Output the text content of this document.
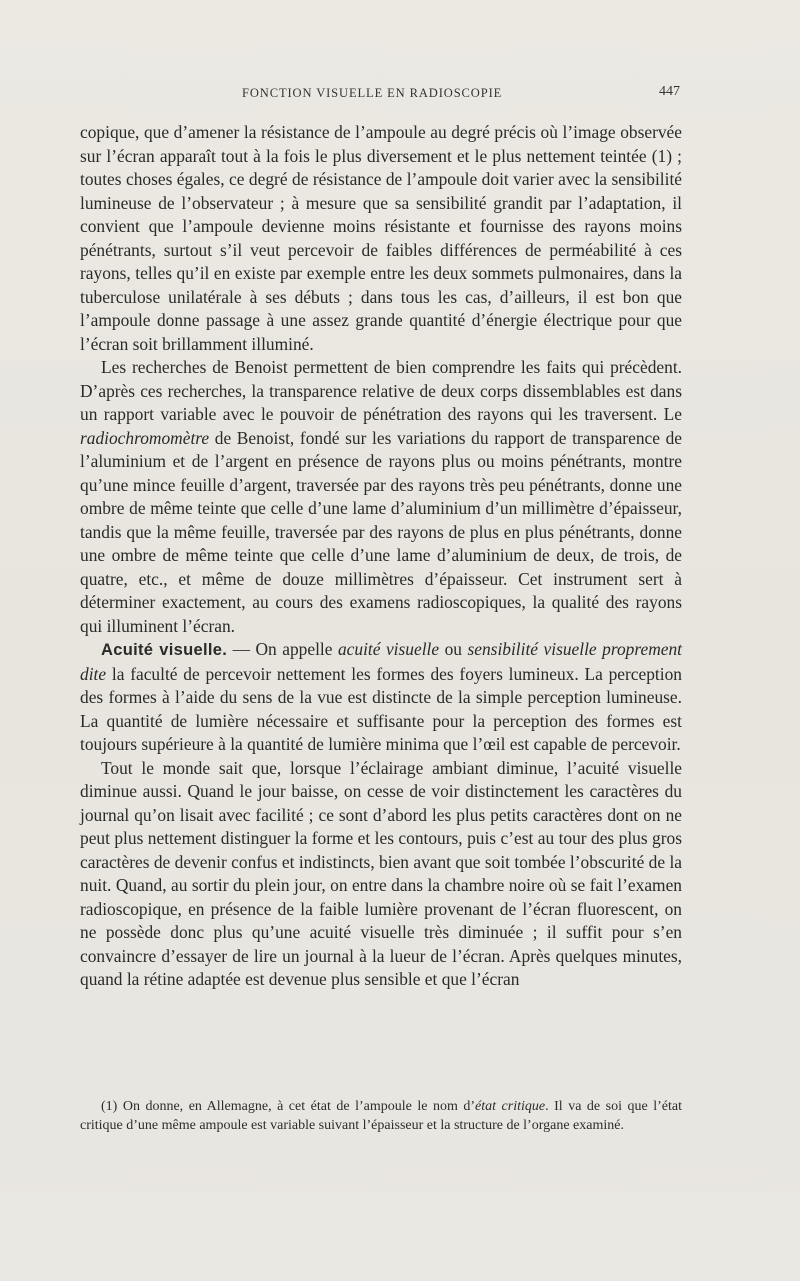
FONCTION VISUELLE EN RADIOSCOPIE	447

copique, que d’amener la résistance de l’ampoule au degré précis où l’image observée sur l’écran apparaît tout à la fois le plus diversement et le plus nettement teintée (1) ; toutes choses égales, ce degré de résistance de l’ampoule doit varier avec la sensibilité lumineuse de l’observateur ; à mesure que sa sensibilité grandit par l’adaptation, il convient que l’ampoule devienne moins résistante et fournisse des rayons moins pénétrants, surtout s’il veut percevoir de faibles différences de perméabilité à ces rayons, telles qu’il en existe par exemple entre les deux sommets pulmonaires, dans la tuberculose unilatérale à ses débuts ; dans tous les cas, d’ailleurs, il est bon que l’ampoule donne passage à une assez grande quantité d’énergie électrique pour que l’écran soit brillamment illuminé.

Les recherches de Benoist permettent de bien comprendre les faits qui précèdent. D’après ces recherches, la transparence relative de deux corps dissemblables est dans un rapport variable avec le pouvoir de pénétration des rayons qui les traversent. Le radiochromomètre de Benoist, fondé sur les variations du rapport de transparence de l’aluminium et de l’argent en présence de rayons plus ou moins pénétrants, montre qu’une mince feuille d’argent, traversée par des rayons très peu pénétrants, donne une ombre de même teinte que celle d’une lame d’aluminium d’un millimètre d’épaisseur, tandis que la même feuille, traversée par des rayons de plus en plus pénétrants, donne une ombre de même teinte que celle d’une lame d’aluminium de deux, de trois, de quatre, etc., et même de douze millimètres d’épaisseur. Cet instrument sert à déterminer exactement, au cours des examens radioscopiques, la qualité des rayons qui illuminent l’écran.

Acuité visuelle. — On appelle acuité visuelle ou sensibilité visuelle proprement dite la faculté de percevoir nettement les formes des foyers lumineux. La perception des formes à l’aide du sens de la vue est distincte de la simple perception lumineuse. La quantité de lumière nécessaire et suffisante pour la perception des formes est toujours supérieure à la quantité de lumière minima que l’œil est capable de percevoir.

Tout le monde sait que, lorsque l’éclairage ambiant diminue, l’acuité visuelle diminue aussi. Quand le jour baisse, on cesse de voir distinctement les caractères du journal qu’on lisait avec facilité ; ce sont d’abord les plus petits caractères dont on ne peut plus nettement distinguer la forme et les contours, puis c’est au tour des plus gros caractères de devenir confus et indistincts, bien avant que soit tombée l’obscurité de la nuit. Quand, au sortir du plein jour, on entre dans la chambre noire où se fait l’examen radioscopique, en présence de la faible lumière provenant de l’écran fluorescent, on ne possède donc plus qu’une acuité visuelle très diminuée ; il suffit pour s’en convaincre d’essayer de lire un journal à la lueur de l’écran. Après quelques minutes, quand la rétine adaptée est devenue plus sensible et que l’écran

(1) On donne, en Allemagne, à cet état de l’ampoule le nom d’état critique. Il va de soi que l’état critique d’une même ampoule est variable suivant l’épaisseur et la structure de l’organe examiné.
